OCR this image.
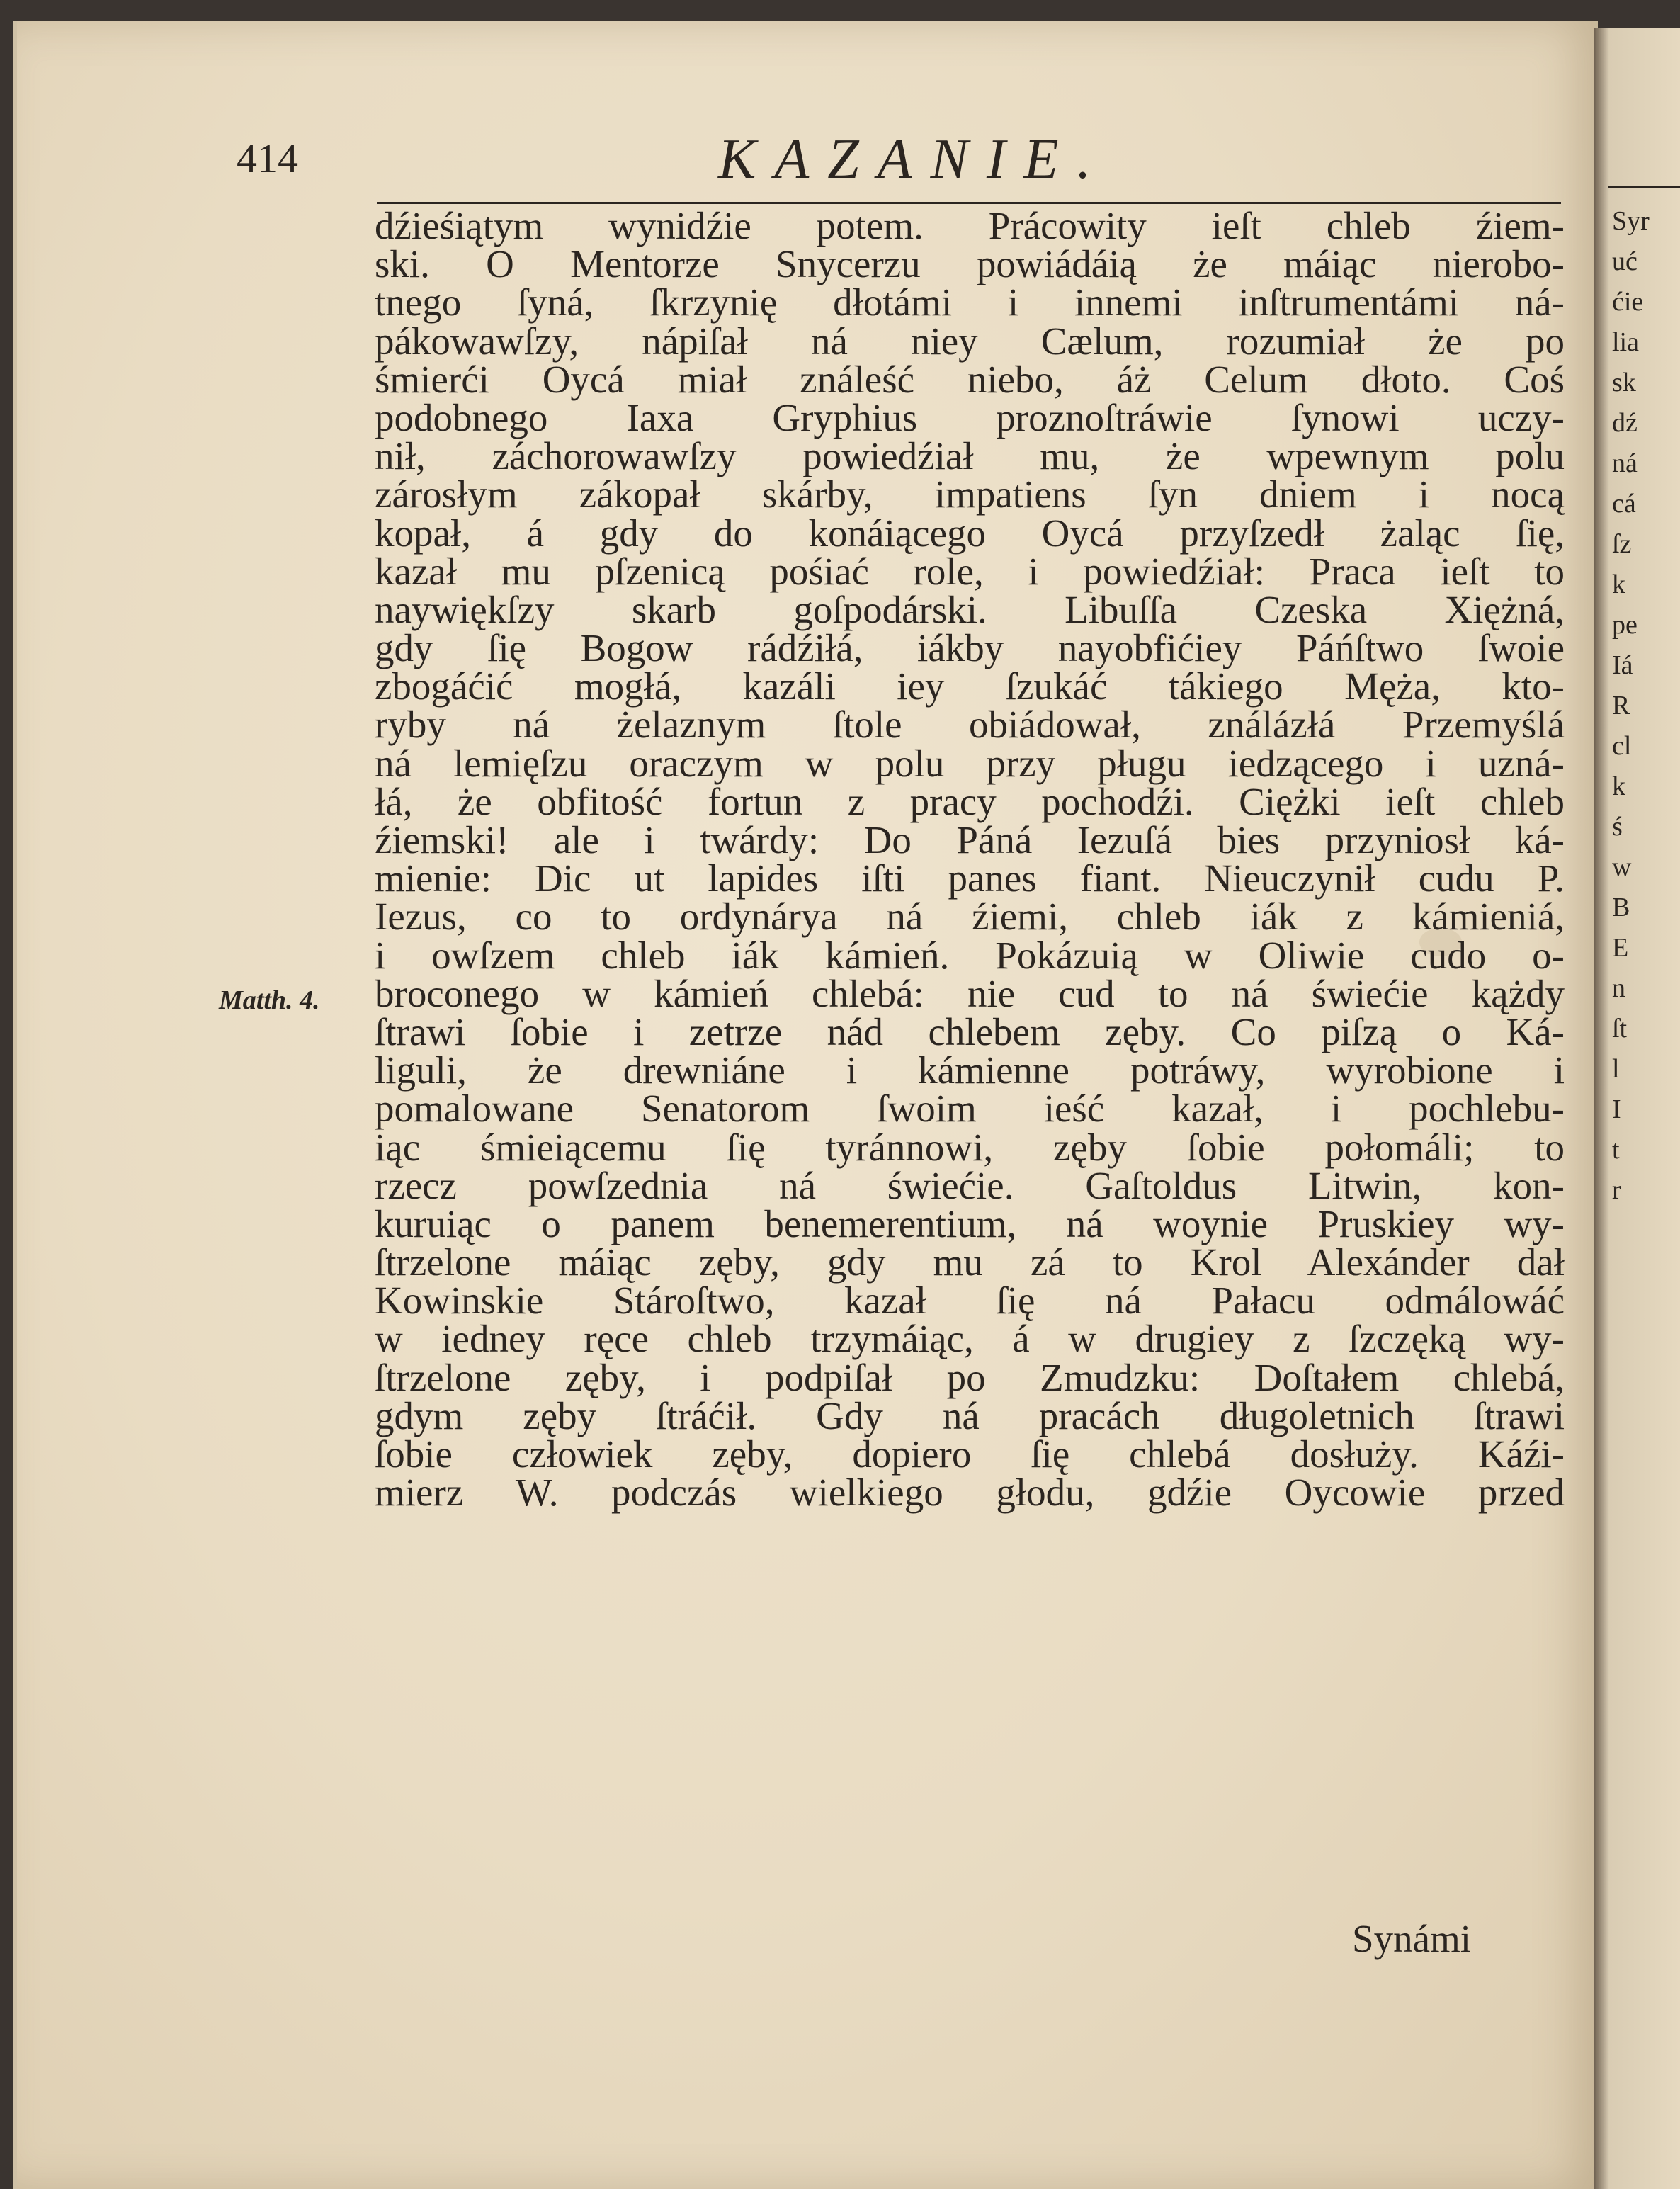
414	KAZANIE.
Matth. 4.
dźieśiątym wynidźie potem. Prácowity ieſt chleb źiem-
ski. O Mentorze Snycerzu powiádáią że máiąc nierobo-
tnego ſyná, ſkrzynię dłotámi i innemi inſtrumentámi ná-
pákowawſzy, nápiſał ná niey Cælum, rozumiał że po
śmierći Oycá miał ználeść niebo, áż Celum dłoto. Coś
podobnego Iaxa Gryphius proznoſtráwie ſynowi uczy-
nił, záchorowawſzy powiedźiał mu, że wpewnym polu
zárosłym zákopał skárby, impatiens ſyn dniem i nocą
kopał, á gdy do konáiącego Oycá przyſzedł żaląc ſię,
kazał mu pſzenicą pośiać role, i powiedźiał: Praca ieſt to
naywiękſzy skarb goſpodárski. Libuſſa Czeska Xiężná,
gdy ſię Bogow rádźiłá, iákby nayobfićiey Páńſtwo ſwoie
zbogáćić mogłá, kazáli iey ſzukáć tákiego Męża, kto-
ryby ná żelaznym ſtole obiádował, ználázłá Przemyślá
ná lemięſzu oraczym w polu przy pługu iedzącego i uzná-
łá, że obfitość fortun z pracy pochodźi. Ciężki ieſt chleb
źiemski! ale i twárdy: Do Páná Iezuſá bies przyniosł ká-
mienie: Dic ut lapides iſti panes fiant. Nieuczynił cudu P.
Iezus, co to ordynárya ná źiemi, chleb iák z kámieniá,
i owſzem chleb iák kámień. Pokázuią w Oliwie cudo o-
broconego w kámień chlebá: nie cud to ná świećie kążdy
ſtrawi ſobie i zetrze nád chlebem zęby. Co piſzą o Ká-
liguli, że drewniáne i kámienne potráwy, wyrobione i
pomalowane Senatorom ſwoim ieść kazał, i pochlebu-
iąc śmieiącemu ſię tyránnowi, zęby ſobie połomáli; to
rzecz powſzednia ná świećie. Gaſtoldus Litwin, kon-
kuruiąc o panem benemerentium, ná woynie Pruskiey wy-
ſtrzelone máiąc zęby, gdy mu zá to Krol Alexánder dał
Kowinskie Stároſtwo, kazał ſię ná Pałacu odmálowáć
w iedney ręce chleb trzymáiąc, á w drugiey z ſzczęką wy-
ſtrzelone zęby, i podpiſał po Zmudzku: Doſtałem chlebá,
gdym zęby ſtráćił. Gdy ná pracách długoletnich ſtrawi
ſobie człowiek zęby, dopiero ſię chlebá dosłuży. Káźi-
mierz W. podczás wielkiego głodu, gdźie Oycowie przed
Synámi
Syr
uć
ćie
lia
sk
dź
ná
cá
ſz
k
pe
Iá
R
cl
k
ś
w
B
E
n
ſt
l
I
t
r
